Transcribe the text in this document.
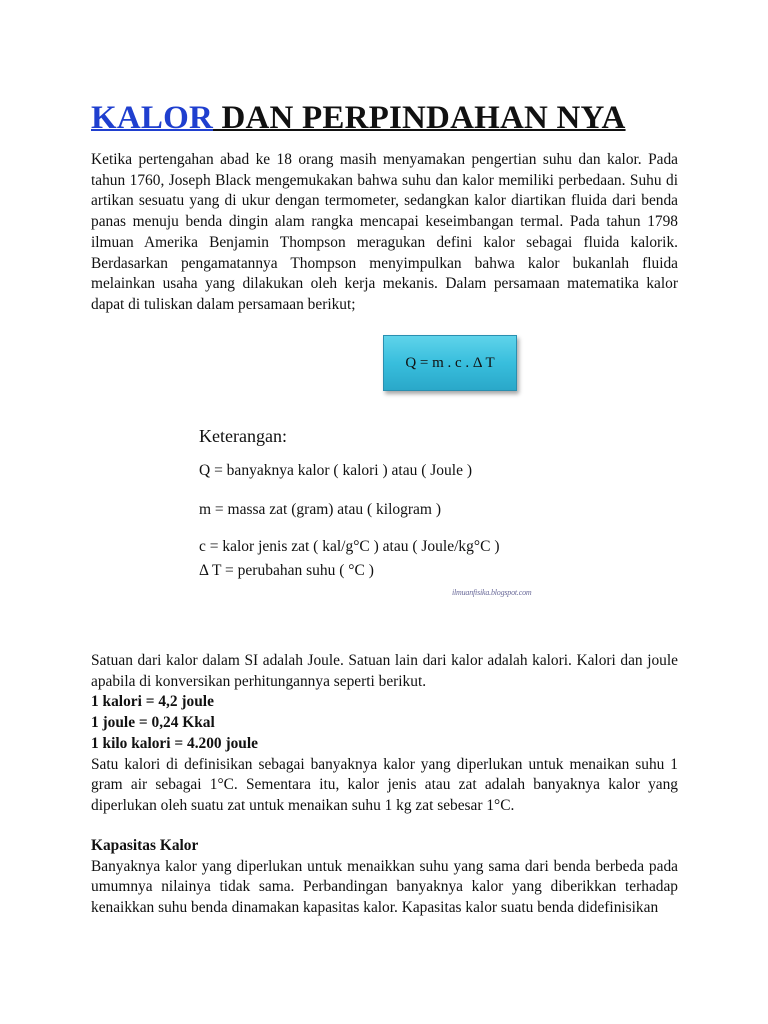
KALOR DAN PERPINDAHAN NYA

Ketika pertengahan abad ke 18 orang masih menyamakan pengertian suhu dan kalor. Pada tahun 1760, Joseph Black mengemukakan bahwa suhu dan kalor memiliki perbedaan. Suhu di artikan sesuatu yang di ukur dengan termometer, sedangkan kalor diartikan fluida dari benda panas menuju benda dingin alam rangka mencapai keseimbangan termal. Pada tahun 1798 ilmuan Amerika Benjamin Thompson meragukan defini kalor sebagai fluida kalorik. Berdasarkan pengamatannya Thompson menyimpulkan bahwa kalor bukanlah fluida melainkan usaha yang dilakukan oleh kerja mekanis. Dalam persamaan matematika kalor dapat di tuliskan dalam persamaan berikut;

Q = m . c . Δ T
Keterangan:
Q = banyaknya kalor ( kalori ) atau ( Joule )
m = massa zat (gram) atau ( kilogram )
c = kalor jenis zat ( kal/g°C ) atau ( Joule/kg°C )
Δ T = perubahan suhu ( °C )
ilmuanfisika.blogspot.com

Satuan dari kalor dalam SI adalah Joule. Satuan lain dari kalor adalah kalori. Kalori dan joule apabila di konversikan perhitungannya seperti berikut.

1 kalori = 4,2 joule
1 joule = 0,24 Kkal
1 kilo kalori = 4.200 joule

Satu kalori di definisikan sebagai banyaknya kalor yang diperlukan untuk menaikan suhu 1 gram air sebagai 1°C. Sementara itu, kalor jenis atau zat adalah banyaknya kalor yang diperlukan oleh suatu zat untuk menaikan suhu 1 kg zat sebesar 1°C.

Kapasitas Kalor

Banyaknya kalor yang diperlukan untuk menaikkan suhu yang sama dari benda berbeda pada umumnya nilainya tidak sama. Perbandingan banyaknya kalor yang diberikkan terhadap kenaikkan suhu benda dinamakan kapasitas kalor. Kapasitas kalor suatu benda didefinisikan
